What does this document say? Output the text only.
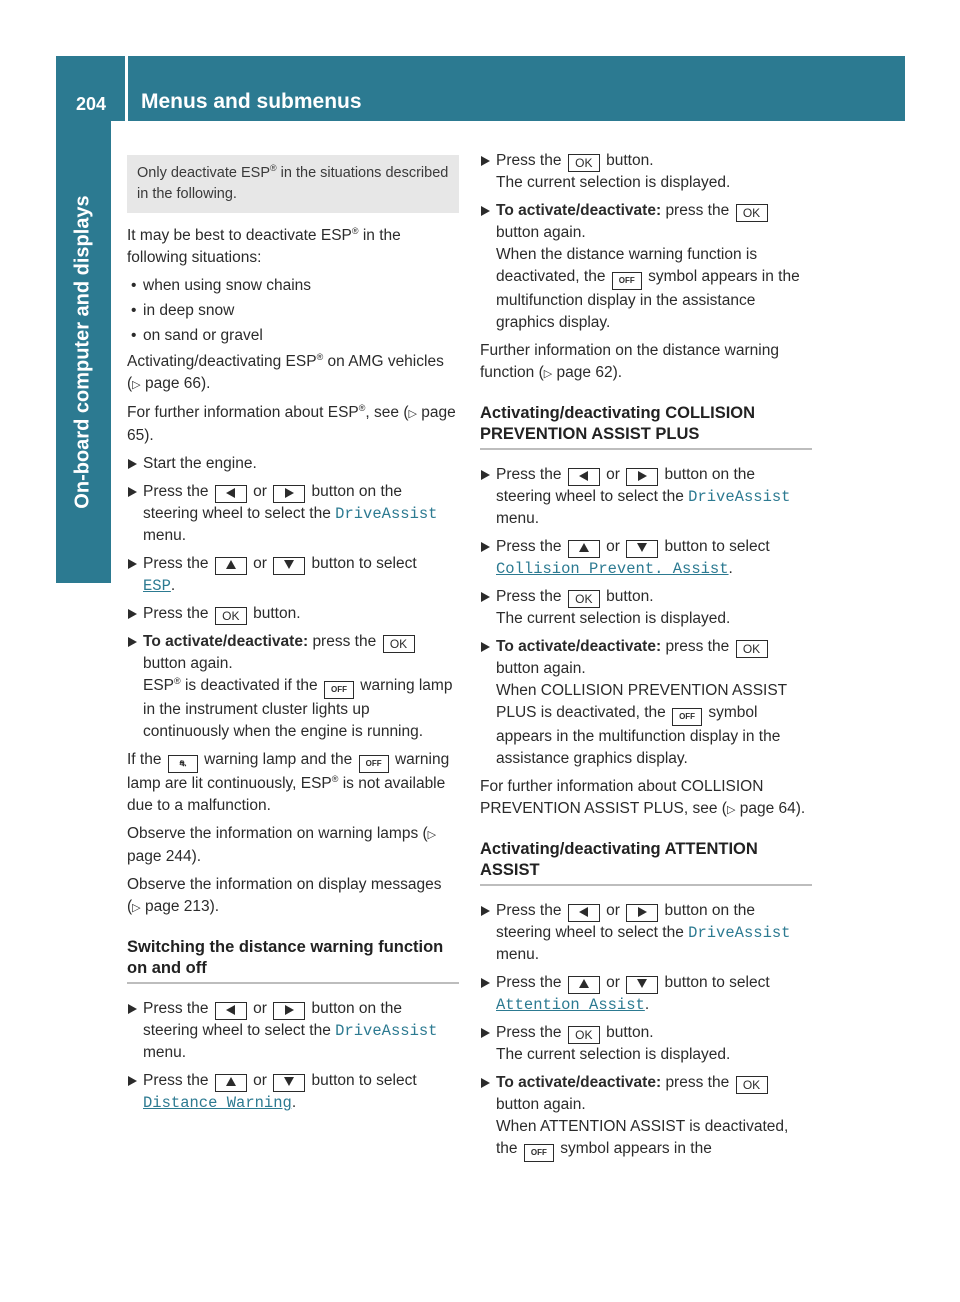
204	Menus and submenus
On-board computer and displays
Only deactivate ESP® in the situations described in the following.

It may be best to deactivate ESP® in the following situations:

• when using snow chains
• in deep snow
• on sand or gravel

Activating/deactivating ESP® on AMG vehicles (▷ page 66).

For further information about ESP®, see (▷ page 65).

Start the engine.
Press the	or	button on the steering wheel to select the DriveAssist menu.
Press the	or	button to select
ESP.
Press the OK button.
To activate/deactivate: press the OK button again.
ESP® is deactivated if the OFF warning lamp in the instrument cluster lights up continuously when the engine is running.

If the ⛐ warning lamp and the OFF warning lamp are lit continuously, ESP® is not available due to a malfunction.

Observe the information on warning lamps (▷ page 244).

Observe the information on display messages (▷ page 213).

Switching the distance warning function on and off
Press the	or	button on the steering wheel to select the DriveAssist menu.
Press the	or	button to select
Distance Warning.
Press the OK button.
The current selection is displayed.
To activate/deactivate: press the OK button again.
When the distance warning function is deactivated, the OFF symbol appears in the multifunction display in the assistance graphics display.

Further information on the distance warning function (▷ page 62).

Activating/deactivating COLLISION PREVENTION ASSIST PLUS
Press the	or	button on the steering wheel to select the DriveAssist menu.
Press the	or	button to select
Collision Prevent. Assist.
Press the OK button.
The current selection is displayed.
To activate/deactivate: press the OK button again.
When COLLISION PREVENTION ASSIST PLUS is deactivated, the OFF symbol appears in the multifunction display in the assistance graphics display.

For further information about COLLISION PREVENTION ASSIST PLUS, see (▷ page 64).

Activating/deactivating ATTENTION ASSIST
Press the	or	button on the steering wheel to select the DriveAssist menu.
Press the	or	button to select
Attention Assist.
Press the OK button.
The current selection is displayed.
To activate/deactivate: press the OK button again.
When ATTENTION ASSIST is deactivated, the OFF symbol appears in the
